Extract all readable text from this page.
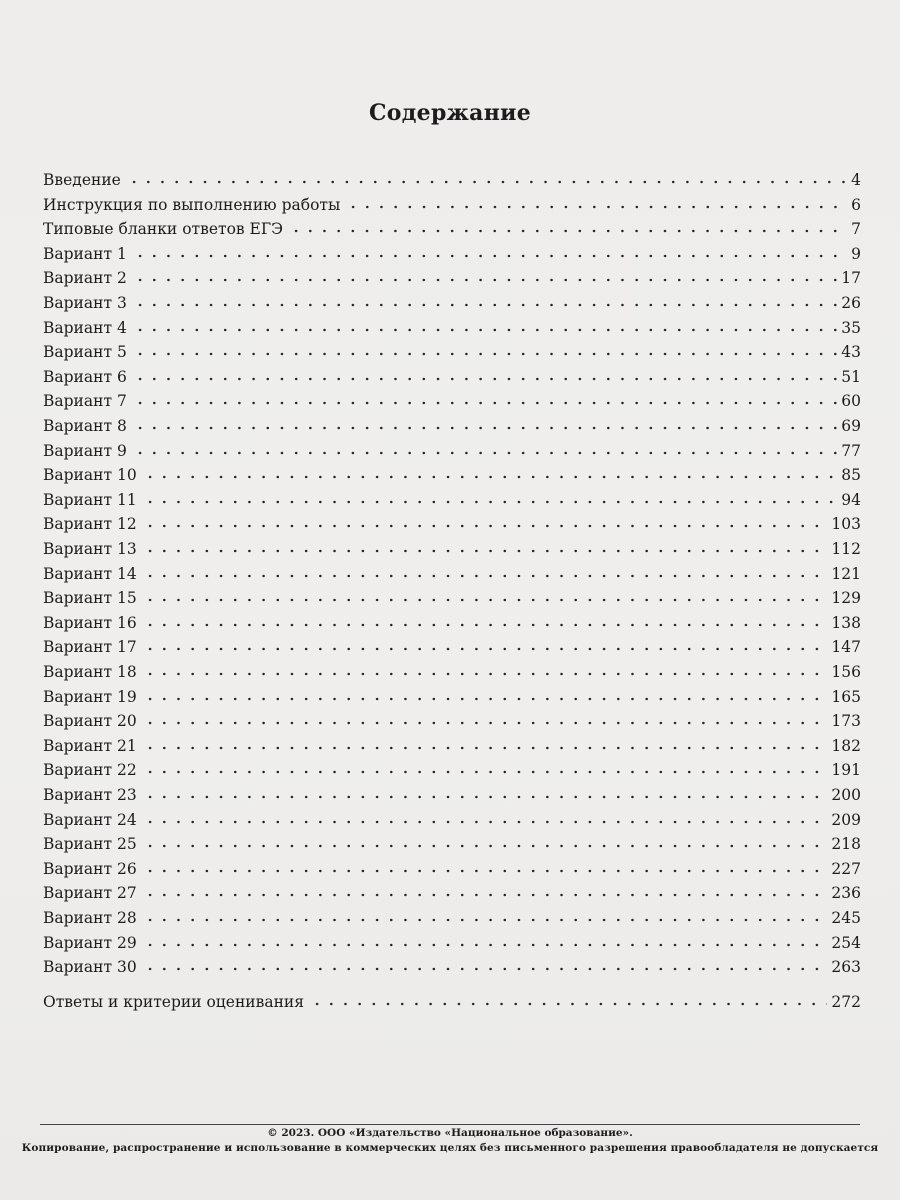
Содержание
Введение	4
Инструкция по выполнению работы	6
Типовые бланки ответов ЕГЭ	7
Вариант 1	9
Вариант 2	17
Вариант 3	26
Вариант 4	35
Вариант 5	43
Вариант 6	51
Вариант 7	60
Вариант 8	69
Вариант 9	77
Вариант 10	85
Вариант 11	94
Вариант 12	103
Вариант 13	112
Вариант 14	121
Вариант 15	129
Вариант 16	138
Вариант 17	147
Вариант 18	156
Вариант 19	165
Вариант 20	173
Вариант 21	182
Вариант 22	191
Вариант 23	200
Вариант 24	209
Вариант 25	218
Вариант 26	227
Вариант 27	236
Вариант 28	245
Вариант 29	254
Вариант 30	263
Ответы и критерии оценивания	272
© 2023. ООО «Издательство «Национальное образование».
Копирование, распространение и использование в коммерческих целях без письменного разрешения правообладателя не допускается
